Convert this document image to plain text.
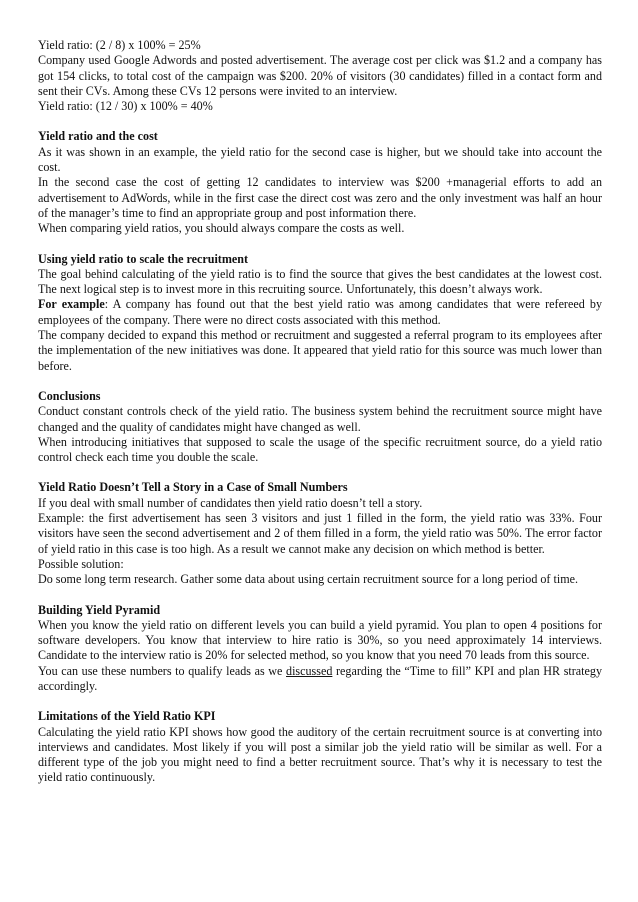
Yield ratio: (2 / 8) x 100% = 25%

Company used Google Adwords and posted advertisement. The average cost per click was $1.2 and a company has got 154 clicks, to total cost of the campaign was $200. 20% of visitors (30 candidates) filled in a contact form and sent their CVs. Among these CVs 12 persons were invited to an interview.

Yield ratio: (12 / 30) x 100% = 40%

Yield ratio and the cost

As it was shown in an example, the yield ratio for the second case is higher, but we should take into account the cost.

In the second case the cost of getting 12 candidates to interview was $200 +managerial efforts to add an advertisement to AdWords, while in the first case the direct cost was zero and the only investment was half an hour of the manager’s time to find an appropriate group and post information there.

When comparing yield ratios, you should always compare the costs as well.

Using yield ratio to scale the recruitment

The goal behind calculating of the yield ratio is to find the source that gives the best candidates at the lowest cost. The next logical step is to invest more in this recruiting source. Unfortunately, this doesn’t always work.

For example: A company has found out that the best yield ratio was among candidates that were refereed by employees of the company. There were no direct costs associated with this method.

The company decided to expand this method or recruitment and suggested a referral program to its employees after the implementation of the new initiatives was done. It appeared that yield ratio for this source was much lower than before.

Conclusions

Conduct constant controls check of the yield ratio. The business system behind the recruitment source might have changed and the quality of candidates might have changed as well.

When introducing initiatives that supposed to scale the usage of the specific recruitment source, do a yield ratio control check each time you double the scale.

Yield Ratio Doesn’t Tell a Story in a Case of Small Numbers

If you deal with small number of candidates then yield ratio doesn’t tell a story.

Example: the first advertisement has seen 3 visitors and just 1 filled in the form, the yield ratio was 33%. Four visitors have seen the second advertisement and 2 of them filled in a form, the yield ratio was 50%. The error factor of yield ratio in this case is too high. As a result we cannot make any decision on which method is better.

Possible solution:

Do some long term research. Gather some data about using certain recruitment source for a long period of time.

Building Yield Pyramid

When you know the yield ratio on different levels you can build a yield pyramid. You plan to open 4 positions for software developers. You know that interview to hire ratio is 30%, so you need approximately 14 interviews. Candidate to the interview ratio is 20% for selected method, so you know that you need 70 leads from this source.

You can use these numbers to qualify leads as we discussed regarding the “Time to fill” KPI and plan HR strategy accordingly.

Limitations of the Yield Ratio KPI

Calculating the yield ratio KPI shows how good the auditory of the certain recruitment source is at converting into interviews and candidates. Most likely if you will post a similar job the yield ratio will be similar as well. For a different type of the job you might need to find a better recruitment source. That’s why it is necessary to test the yield ratio continuously.
